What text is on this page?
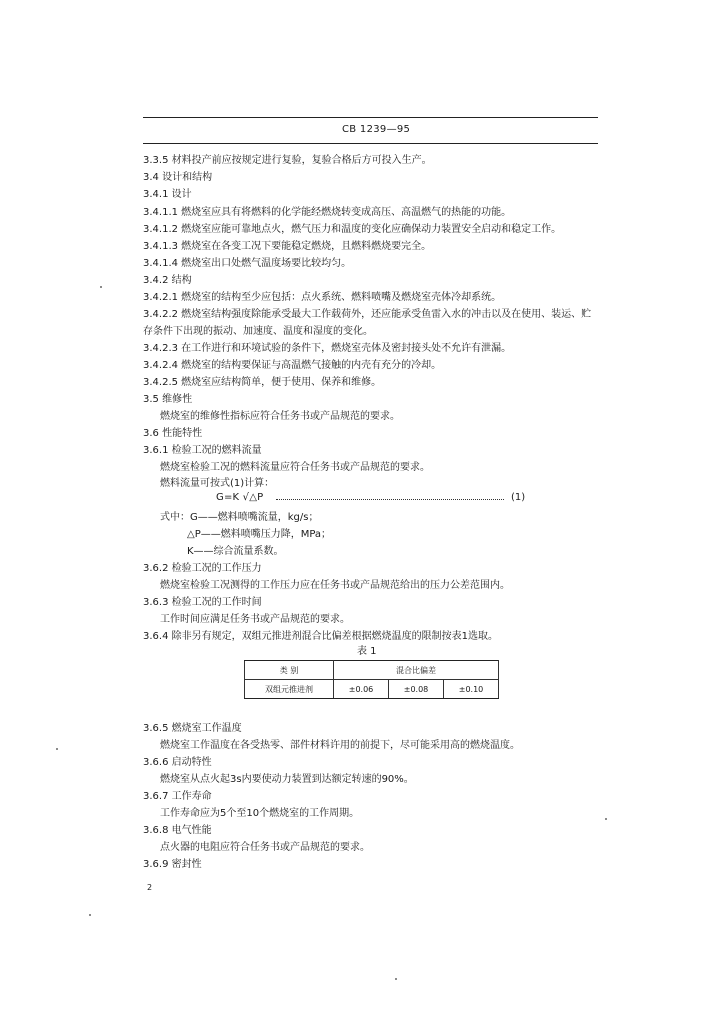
CB 1239—95
3.3.5 材料投产前应按规定进行复验，复验合格后方可投入生产。
3.4 设计和结构
3.4.1 设计
3.4.1.1 燃烧室应具有将燃料的化学能经燃烧转变成高压、高温燃气的热能的功能。
3.4.1.2 燃烧室应能可靠地点火，燃气压力和温度的变化应确保动力装置安全启动和稳定工作。
3.4.1.3 燃烧室在各变工况下要能稳定燃烧，且燃料燃烧要完全。
3.4.1.4 燃烧室出口处燃气温度场要比较均匀。
3.4.2 结构
3.4.2.1 燃烧室的结构至少应包括：点火系统、燃料喷嘴及燃烧室壳体冷却系统。
3.4.2.2 燃烧室结构强度除能承受最大工作载荷外，还应能承受鱼雷入水的冲击以及在使用、装运、贮
存条件下出现的振动、加速度、温度和湿度的变化。
3.4.2.3 在工作进行和环境试验的条件下，燃烧室壳体及密封接头处不允许有泄漏。
3.4.2.4 燃烧室的结构要保证与高温燃气接触的内壳有充分的冷却。
3.4.2.5 燃烧室应结构简单，便于使用、保养和维修。
3.5 维修性
燃烧室的维修性指标应符合任务书或产品规范的要求。
3.6 性能特性
3.6.1 检验工况的燃料流量
燃烧室检验工况的燃料流量应符合任务书或产品规范的要求。
燃料流量可按式(1)计算：
G=K √△P	(1)
式中：G——燃料喷嘴流量，kg/s；
△P——燃料喷嘴压力降，MPa；
K——综合流量系数。
3.6.2 检验工况的工作压力
燃烧室检验工况测得的工作压力应在任务书或产品规范给出的压力公差范围内。
3.6.3 检验工况的工作时间
工作时间应满足任务书或产品规范的要求。
3.6.4 除非另有规定，双组元推进剂混合比偏差根据燃烧温度的限制按表1选取。
表 1
类 别	混合比偏差		
双组元推进剂	±0.06	±0.08	±0.10
3.6.5 燃烧室工作温度
燃烧室工作温度在各受热零、部件材料许用的前提下，尽可能采用高的燃烧温度。
3.6.6 启动特性
燃烧室从点火起3s内要使动力装置到达额定转速的90%。
3.6.7 工作寿命
工作寿命应为5个至10个燃烧室的工作周期。
3.6.8 电气性能
点火器的电阻应符合任务书或产品规范的要求。
3.6.9 密封性
2
